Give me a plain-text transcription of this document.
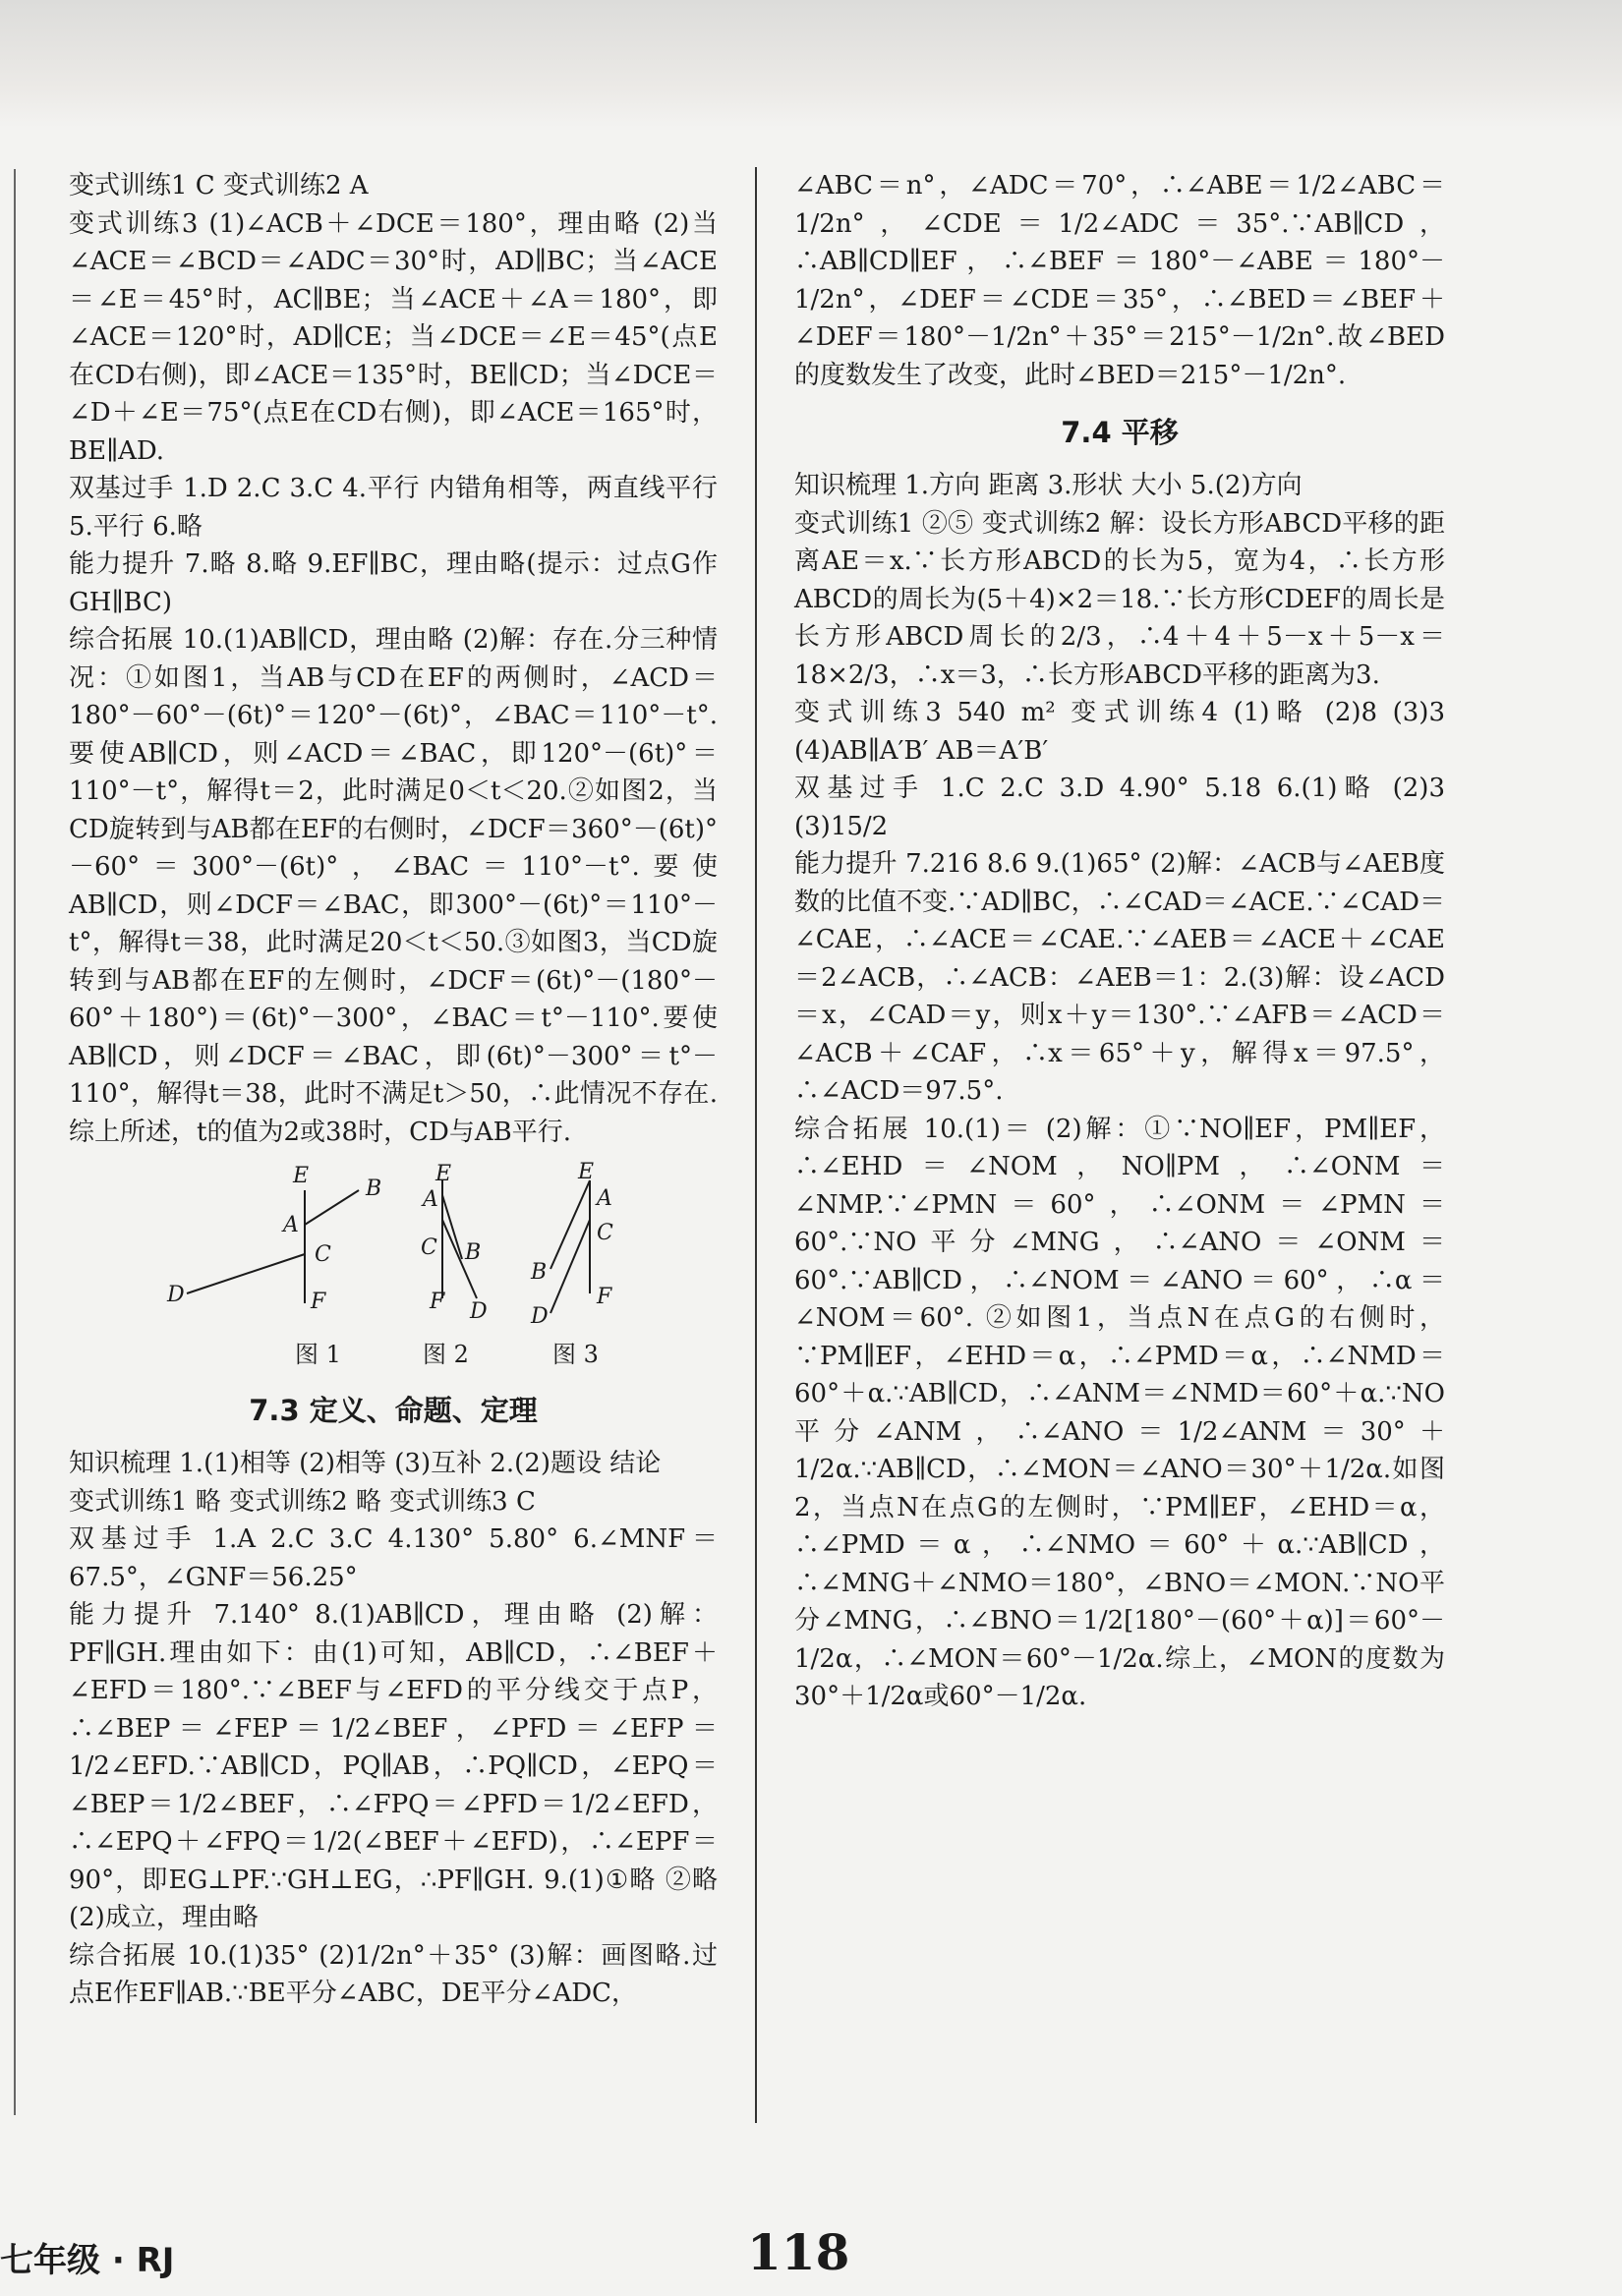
变式训练1 C 变式训练2 A

变式训练3 (1)∠ACB＋∠DCE＝180°，理由略 (2)当∠ACE＝∠BCD＝∠ADC＝30°时，AD∥BC；当∠ACE＝∠E＝45°时，AC∥BE；当∠ACE＋∠A＝180°，即∠ACE＝120°时，AD∥CE；当∠DCE＝∠E＝45°(点E在CD右侧)，即∠ACE＝135°时，BE∥CD；当∠DCE＝∠D＋∠E＝75°(点E在CD右侧)，即∠ACE＝165°时，BE∥AD.

双基过手 1.D 2.C 3.C 4.平行 内错角相等，两直线平行 5.平行 6.略

能力提升 7.略 8.略 9.EF∥BC，理由略(提示：过点G作GH∥BC)

综合拓展 10.(1)AB∥CD，理由略 (2)解：存在.分三种情况：①如图1，当AB与CD在EF的两侧时，∠ACD＝180°－60°－(6t)°＝120°－(6t)°，∠BAC＝110°－t°.要使AB∥CD，则∠ACD＝∠BAC，即120°－(6t)°＝110°－t°，解得t＝2，此时满足0＜t＜20.②如图2，当CD旋转到与AB都在EF的右侧时，∠DCF＝360°－(6t)°－60°＝300°－(6t)°，∠BAC＝110°－t°.要使AB∥CD，则∠DCF＝∠BAC，即300°－(6t)°＝110°－t°，解得t＝38，此时满足20＜t＜50.③如图3，当CD旋转到与AB都在EF的左侧时，∠DCF＝(6t)°－(180°－60°＋180°)＝(6t)°－300°，∠BAC＝t°－110°.要使AB∥CD，则∠DCF＝∠BAC，即(6t)°－300°＝t°－110°，解得t＝38，此时不满足t＞50，∴此情况不存在.综上所述，t的值为2或38时，CD与AB平行.

E
B
A
C
D	F
图 1
E
A
C B
F D
图 2
E
A
C
B
F
D
图 3
7.3 定义、命题、定理

知识梳理 1.(1)相等 (2)相等 (3)互补 2.(2)题设 结论

变式训练1 略 变式训练2 略 变式训练3 C

双基过手 1.A 2.C 3.C 4.130° 5.80° 6.∠MNF＝67.5°，∠GNF＝56.25°

能力提升 7.140° 8.(1)AB∥CD，理由略 (2)解：PF∥GH.理由如下：由(1)可知，AB∥CD，∴∠BEF＋∠EFD＝180°.∵∠BEF与∠EFD的平分线交于点P，∴∠BEP＝∠FEP＝1/2∠BEF，∠PFD＝∠EFP＝1/2∠EFD.∵AB∥CD，PQ∥AB，∴PQ∥CD，∠EPQ＝∠BEP＝1/2∠BEF，∴∠FPQ＝∠PFD＝1/2∠EFD，∴∠EPQ＋∠FPQ＝1/2(∠BEF＋∠EFD)，∴∠EPF＝90°，即EG⊥PF.∵GH⊥EG，∴PF∥GH. 9.(1)①略 ②略 (2)成立，理由略

综合拓展 10.(1)35° (2)1/2n°＋35° (3)解：画图略.过点E作EF∥AB.∵BE平分∠ABC，DE平分∠ADC，

∠ABC＝n°，∠ADC＝70°，∴∠ABE＝1/2∠ABC＝1/2n°，∠CDE＝1/2∠ADC＝35°.∵AB∥CD，∴AB∥CD∥EF，∴∠BEF＝180°－∠ABE＝180°－1/2n°，∠DEF＝∠CDE＝35°，∴∠BED＝∠BEF＋∠DEF＝180°－1/2n°＋35°＝215°－1/2n°.故∠BED的度数发生了改变，此时∠BED＝215°－1/2n°.

7.4 平移

知识梳理 1.方向 距离 3.形状 大小 5.(2)方向

变式训练1 ②⑤ 变式训练2 解：设长方形ABCD平移的距离AE＝x.∵长方形ABCD的长为5，宽为4，∴长方形ABCD的周长为(5＋4)×2＝18.∵长方形CDEF的周长是长方形ABCD周长的2/3，∴4＋4＋5－x＋5－x＝18×2/3，∴x＝3，∴长方形ABCD平移的距离为3.

变式训练3 540 m² 变式训练4 (1)略 (2)8 (3)3 (4)AB∥A′B′ AB＝A′B′

双基过手 1.C 2.C 3.D 4.90° 5.18 6.(1)略 (2)3 (3)15/2

能力提升 7.216 8.6 9.(1)65° (2)解：∠ACB与∠AEB度数的比值不变.∵AD∥BC，∴∠CAD＝∠ACE.∵∠CAD＝∠CAE，∴∠ACE＝∠CAE.∵∠AEB＝∠ACE＋∠CAE＝2∠ACB，∴∠ACB：∠AEB＝1：2.(3)解：设∠ACD＝x，∠CAD＝y，则x＋y＝130°.∵∠AFB＝∠ACD＝∠ACB＋∠CAF，∴x＝65°＋y，解得x＝97.5°，∴∠ACD＝97.5°.

综合拓展 10.(1)＝ (2)解：①∵NO∥EF，PM∥EF，∴∠EHD＝∠NOM，NO∥PM，∴∠ONM＝∠NMP.∵∠PMN＝60°，∴∠ONM＝∠PMN＝60°.∵NO平分∠MNG，∴∠ANO＝∠ONM＝60°.∵AB∥CD，∴∠NOM＝∠ANO＝60°，∴α＝∠NOM＝60°. ②如图1，当点N在点G的右侧时，∵PM∥EF，∠EHD＝α，∴∠PMD＝α，∴∠NMD＝60°＋α.∵AB∥CD，∴∠ANM＝∠NMD＝60°＋α.∵NO平分∠ANM，∴∠ANO＝1/2∠ANM＝30°＋1/2α.∵AB∥CD，∴∠MON＝∠ANO＝30°＋1/2α.如图2，当点N在点G的左侧时，∵PM∥EF，∠EHD＝α，∴∠PMD＝α，∴∠NMO＝60°＋α.∵AB∥CD，∴∠MNG＋∠NMO＝180°，∠BNO＝∠MON.∵NO平分∠MNG，∴∠BNO＝1/2[180°－(60°＋α)]＝60°－1/2α，∴∠MON＝60°－1/2α.综上，∠MON的度数为30°＋1/2α或60°－1/2α.

七年级 · RJ	118
